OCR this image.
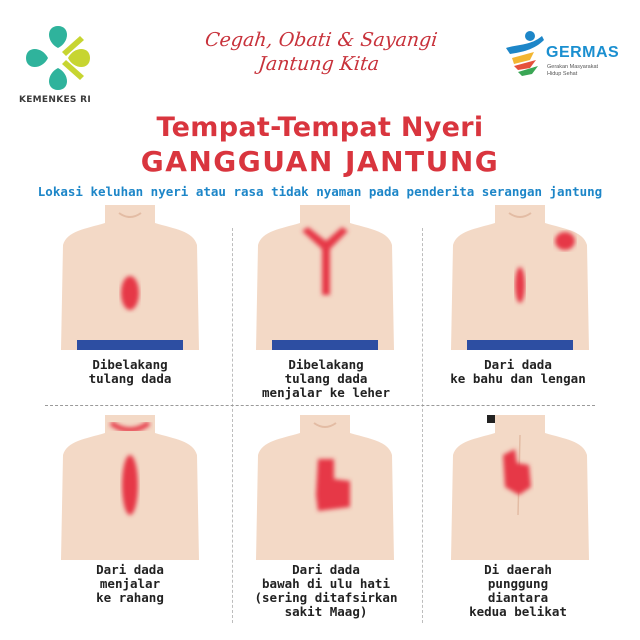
KEMENKES RI
Cegah, Obati & Sayangi
Jantung Kita
GERMAS
Gerakan Masyarakat
Hidup Sehat
Tempat-Tempat Nyeri
GANGGUAN JANTUNG
Lokasi keluhan nyeri atau rasa tidak nyaman pada penderita serangan jantung
Dibelakang
tulang dada
Dibelakang
tulang dada
menjalar ke leher
Dari dada
ke bahu dan lengan
Dari dada
menjalar
ke rahang
Dari dada
bawah di ulu hati
(sering ditafsirkan
sakit Maag)
Di daerah
punggung
diantara
kedua belikat
